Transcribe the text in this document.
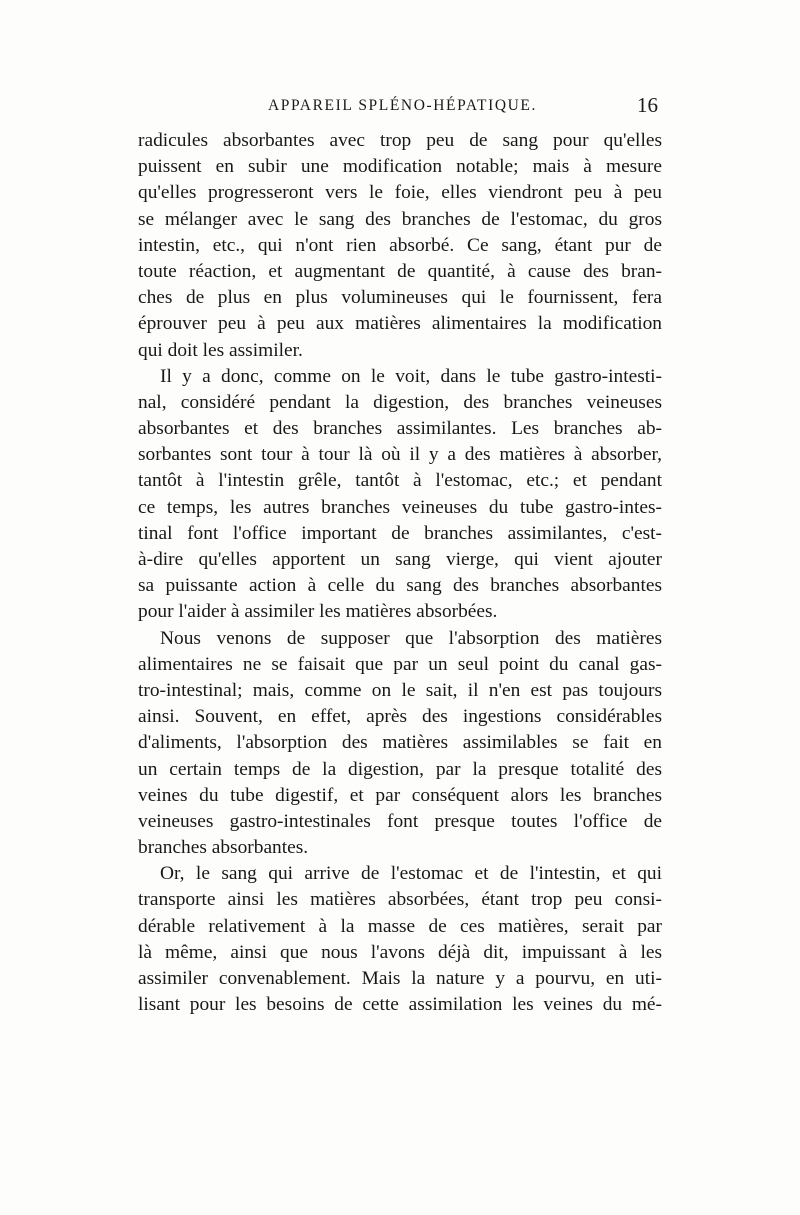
APPAREIL SPLÉNO-HÉPATIQUE.	16
radicules absorbantes avec trop peu de sang pour qu'elles
puissent en subir une modification notable; mais à mesure
qu'elles progresseront vers le foie, elles viendront peu à peu
se mélanger avec le sang des branches de l'estomac, du gros
intestin, etc., qui n'ont rien absorbé. Ce sang, étant pur de
toute réaction, et augmentant de quantité, à cause des bran-
ches de plus en plus volumineuses qui le fournissent, fera
éprouver peu à peu aux matières alimentaires la modification
qui doit les assimiler.
Il y a donc, comme on le voit, dans le tube gastro-intesti-
nal, considéré pendant la digestion, des branches veineuses
absorbantes et des branches assimilantes. Les branches ab-
sorbantes sont tour à tour là où il y a des matières à absorber,
tantôt à l'intestin grêle, tantôt à l'estomac, etc.; et pendant
ce temps, les autres branches veineuses du tube gastro-intes-
tinal font l'office important de branches assimilantes, c'est-
à-dire qu'elles apportent un sang vierge, qui vient ajouter
sa puissante action à celle du sang des branches absorbantes
pour l'aider à assimiler les matières absorbées.
Nous venons de supposer que l'absorption des matières
alimentaires ne se faisait que par un seul point du canal gas-
tro-intestinal; mais, comme on le sait, il n'en est pas toujours
ainsi. Souvent, en effet, après des ingestions considérables
d'aliments, l'absorption des matières assimilables se fait en
un certain temps de la digestion, par la presque totalité des
veines du tube digestif, et par conséquent alors les branches
veineuses gastro-intestinales font presque toutes l'office de
branches absorbantes.
Or, le sang qui arrive de l'estomac et de l'intestin, et qui
transporte ainsi les matières absorbées, étant trop peu consi-
dérable relativement à la masse de ces matières, serait par
là même, ainsi que nous l'avons déjà dit, impuissant à les
assimiler convenablement. Mais la nature y a pourvu, en uti-
lisant pour les besoins de cette assimilation les veines du mé-
